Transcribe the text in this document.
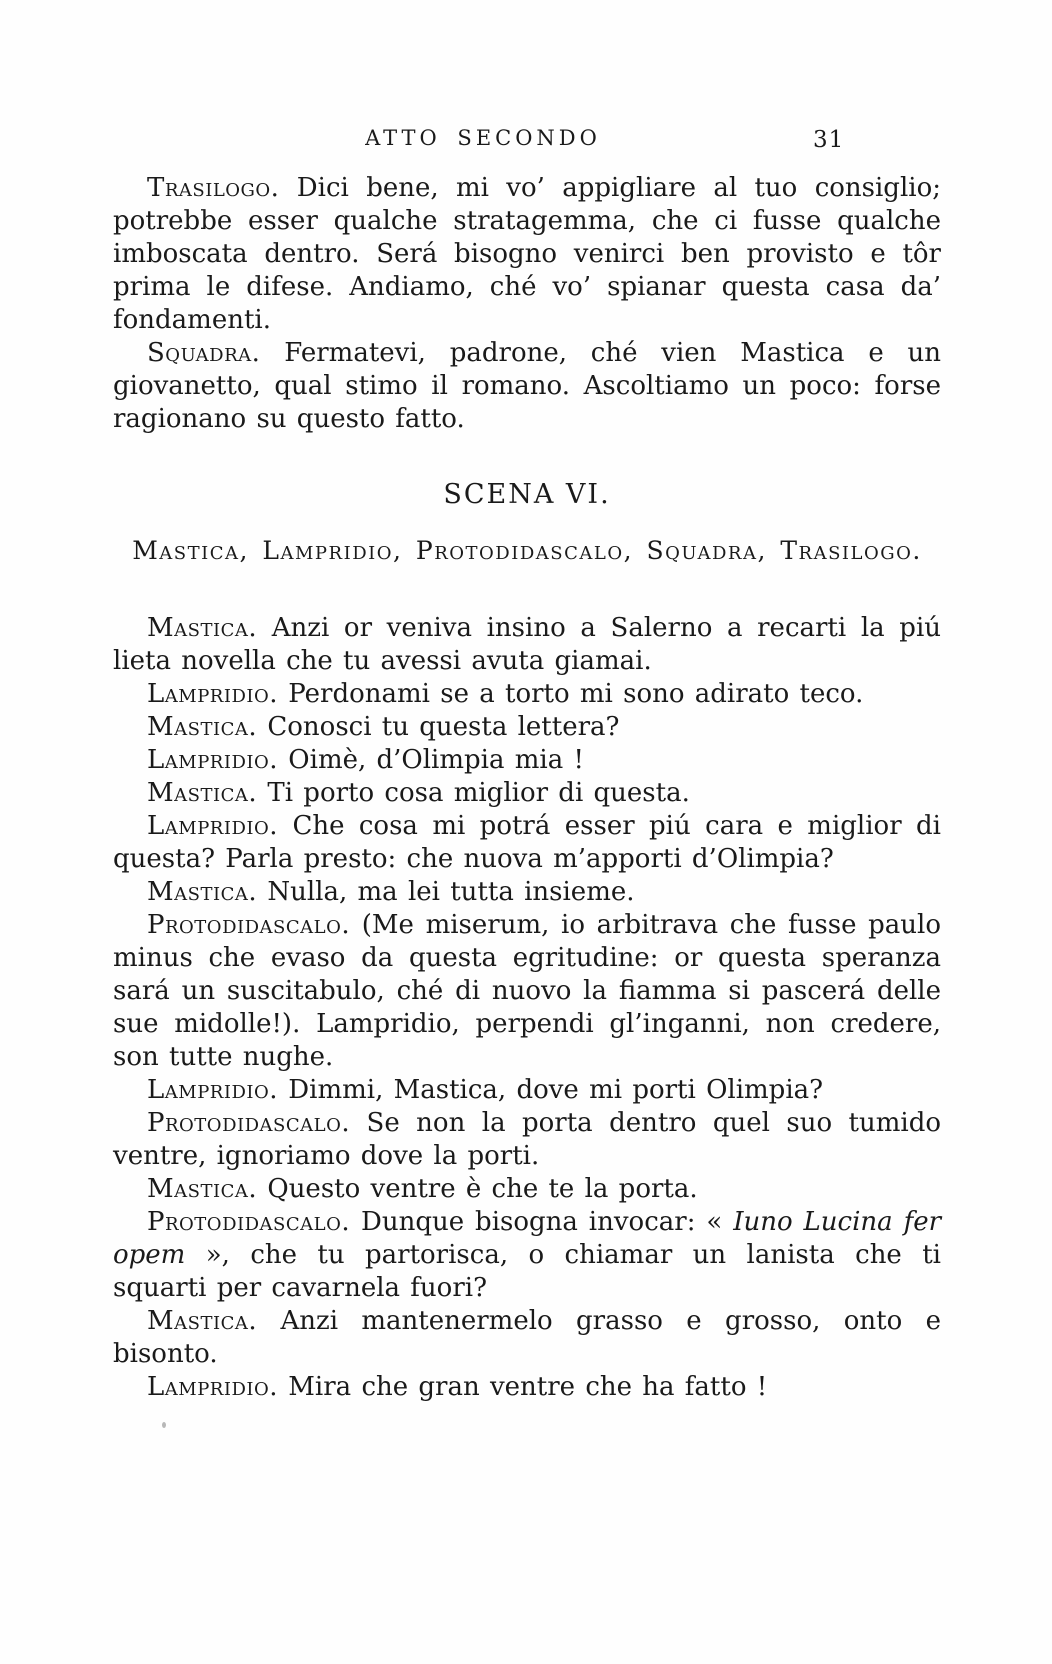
ATTO SECONDO	31

Trasilogo. Dici bene, mi vo’ appigliare al tuo consiglio; potrebbe esser qualche stratagemma, che ci fusse qualche imboscata dentro. Será bisogno venirci ben provisto e tôr prima le difese. Andiamo, ché vo’ spianar questa casa da’ fondamenti.

Squadra. Fermatevi, padrone, ché vien Mastica e un giovanetto, qual stimo il romano. Ascoltiamo un poco: forse ragionano su questo fatto.

SCENA VI.

Mastica, Lampridio, Protodidascalo, Squadra, Trasilogo.

Mastica. Anzi or veniva insino a Salerno a recarti la piú lieta novella che tu avessi avuta giamai.

Lampridio. Perdonami se a torto mi sono adirato teco.

Mastica. Conosci tu questa lettera?

Lampridio. Oimè, d’Olimpia mia !

Mastica. Ti porto cosa miglior di questa.

Lampridio. Che cosa mi potrá esser piú cara e miglior di questa? Parla presto: che nuova m’apporti d’Olimpia?

Mastica. Nulla, ma lei tutta insieme.

Protodidascalo. (Me miserum, io arbitrava che fusse paulo minus che evaso da questa egritudine: or questa speranza sará un suscitabulo, ché di nuovo la fiamma si pascerá delle sue midolle!). Lampridio, perpendi gl’inganni, non credere, son tutte nughe.

Lampridio. Dimmi, Mastica, dove mi porti Olimpia?

Protodidascalo. Se non la porta dentro quel suo tumido ventre, ignoriamo dove la porti.

Mastica. Questo ventre è che te la porta.

Protodidascalo. Dunque bisogna invocar: « Iuno Lucina fer opem », che tu partorisca, o chiamar un lanista che ti squarti per cavarnela fuori?

Mastica. Anzi mantenermelo grasso e grosso, onto e bisonto.

Lampridio. Mira che gran ventre che ha fatto !
